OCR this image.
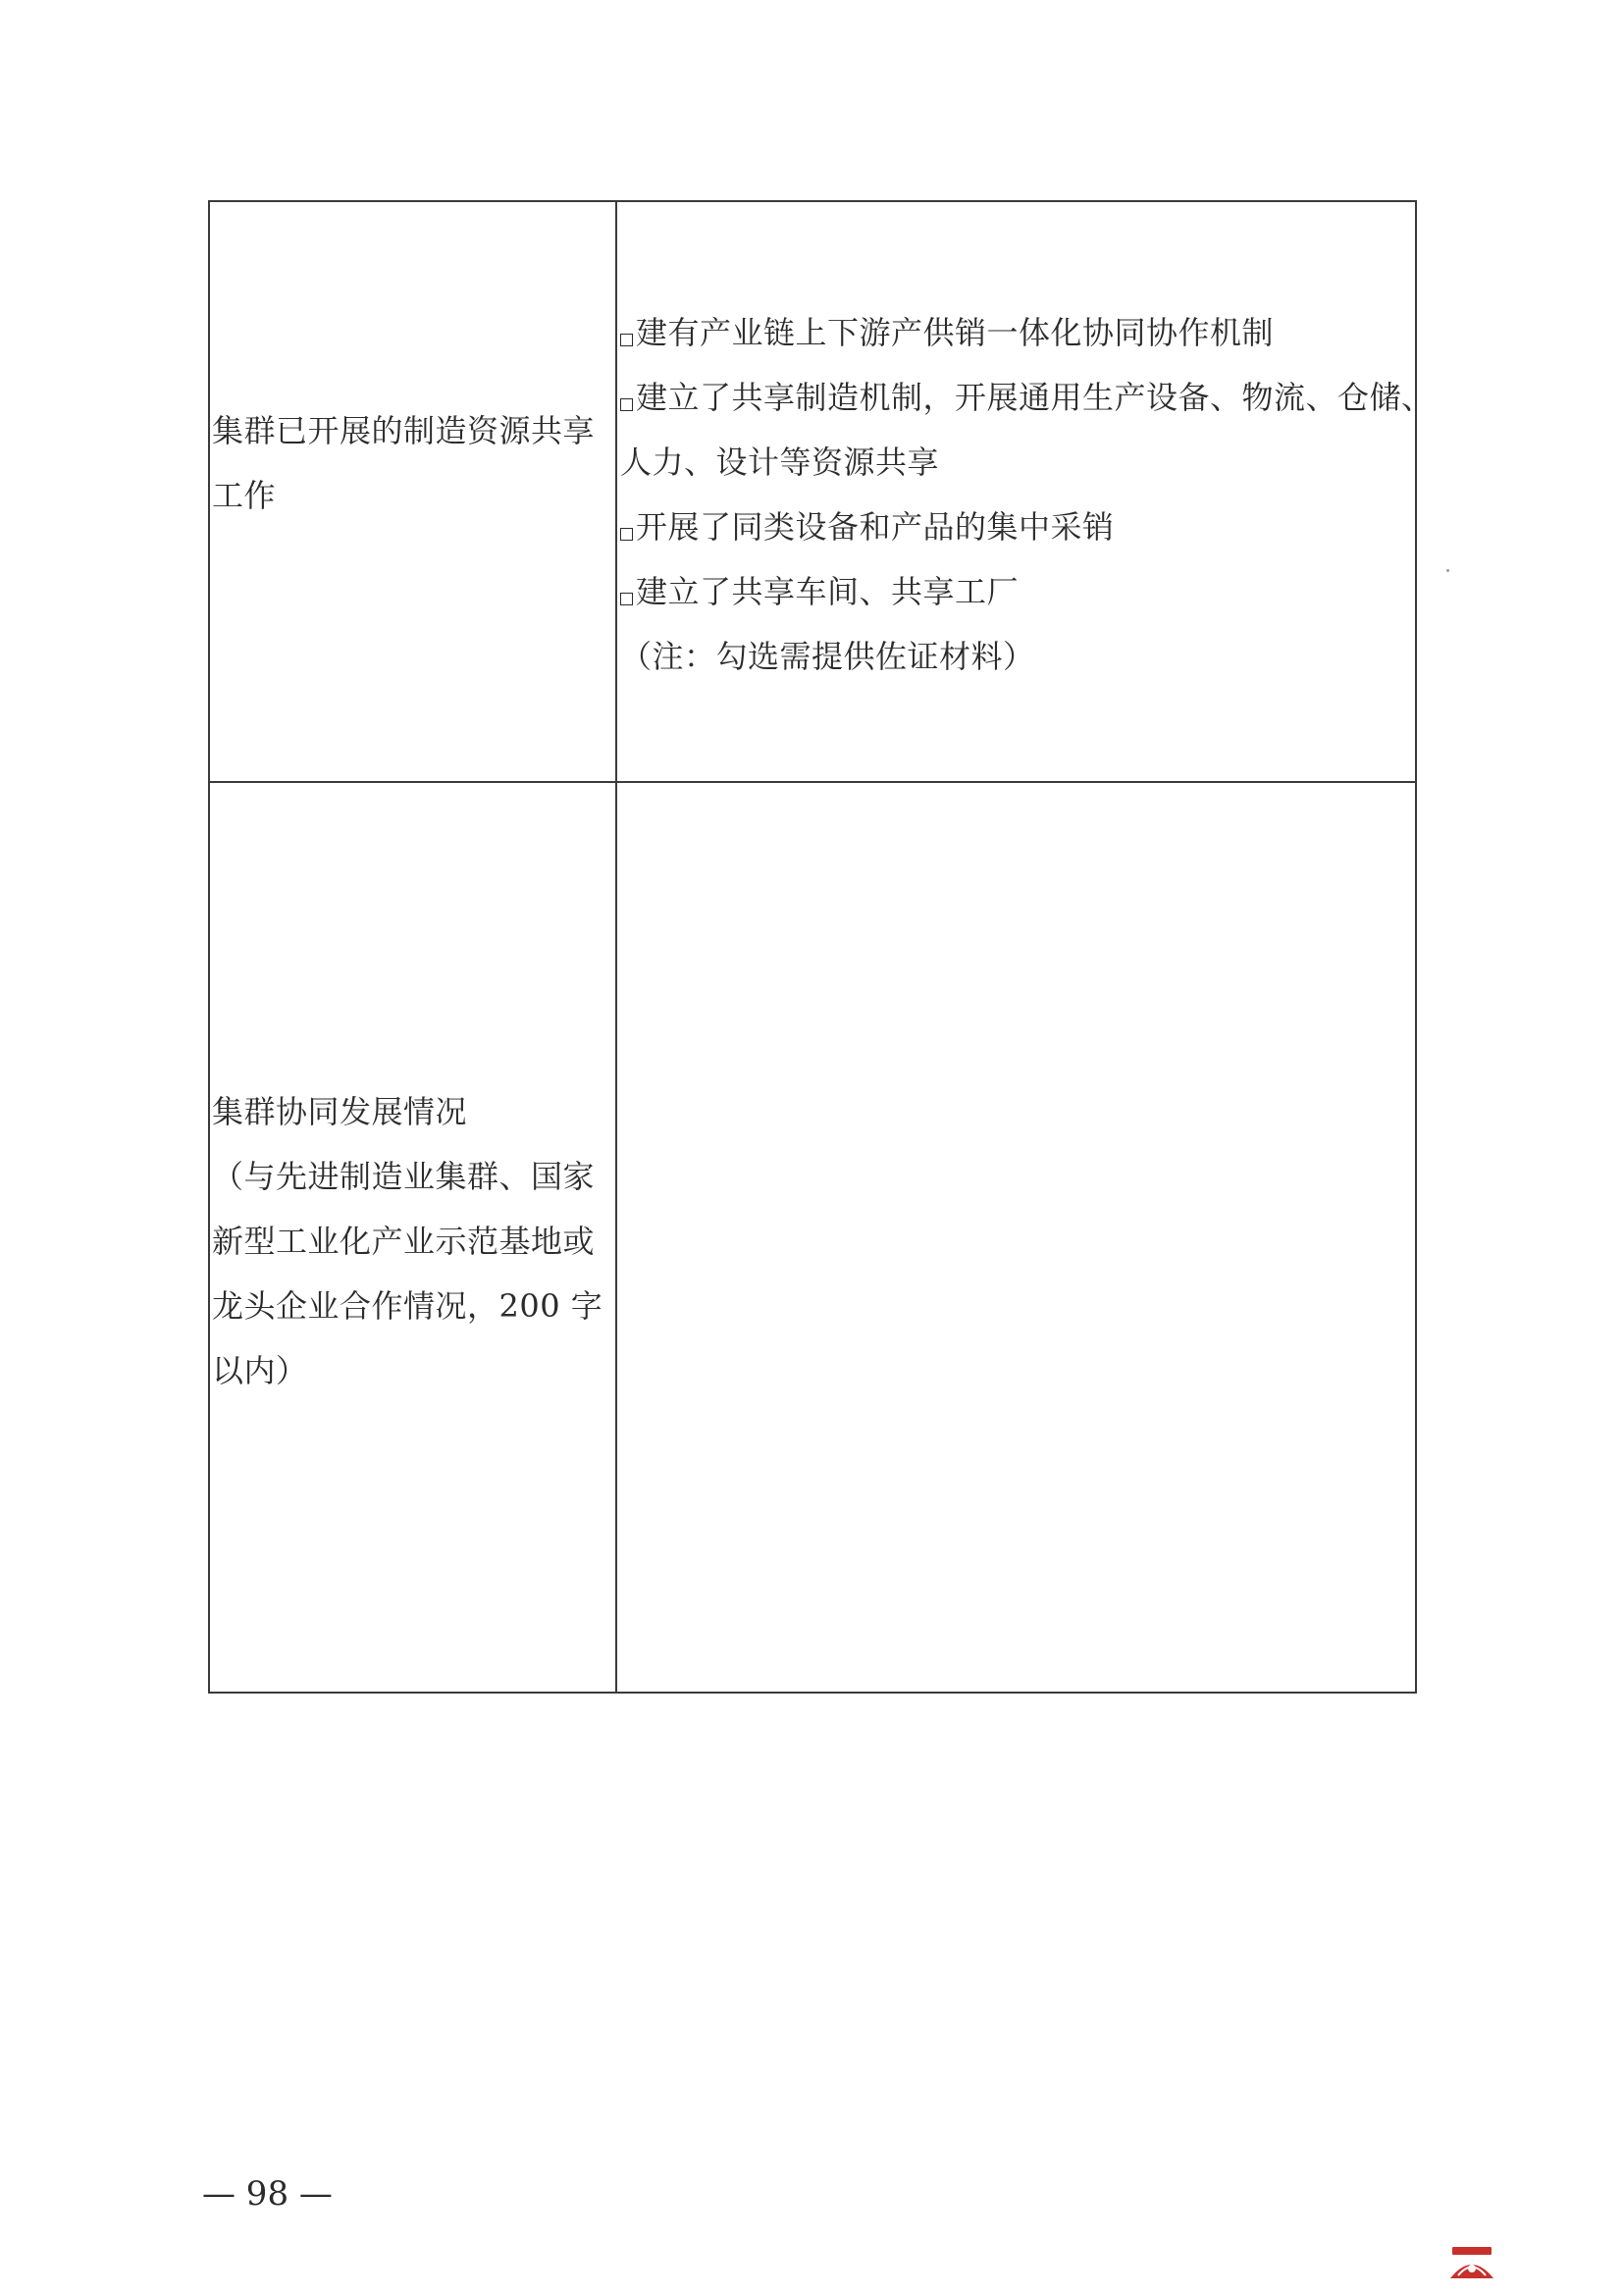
集群已开展的制造资源共享
工作
建有产业链上下游产供销一体化协同协作机制
建立了共享制造机制，开展通用生产设备、物流、仓储、
人力、设计等资源共享
开展了同类设备和产品的集中采销
建立了共享车间、共享工厂
（注：勾选需提供佐证材料）
集群协同发展情况
（与先进制造业集群、国家
新型工业化产业示范基地或
龙头企业合作情况，200 字
以内）
— 98 —
